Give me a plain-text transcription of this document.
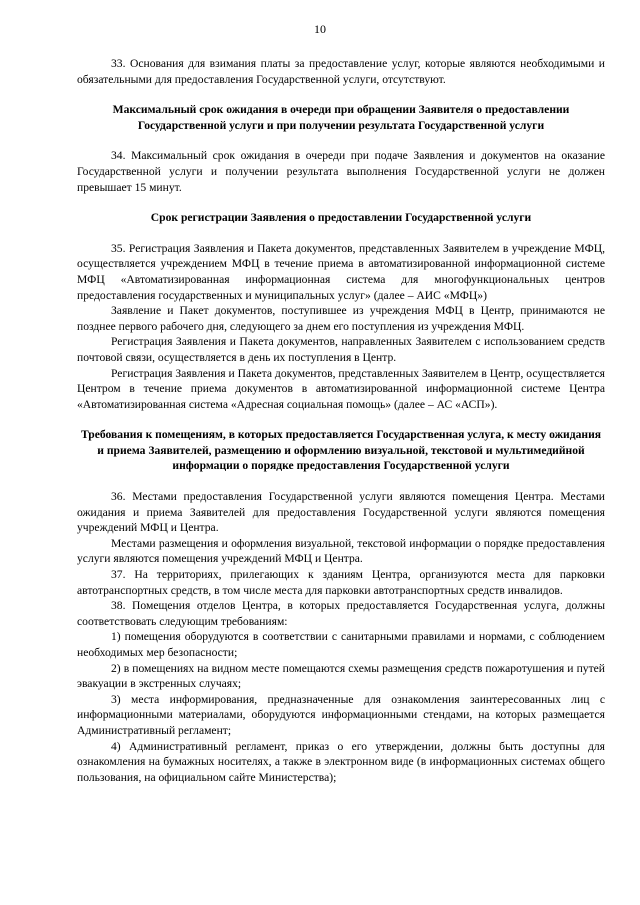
10

33. Основания для взимания платы за предоставление услуг, которые являются необходимыми и обязательными для предоставления Государственной услуги, отсутствуют.

Максимальный срок ожидания в очереди при обращении Заявителя о предоставлении Государственной услуги и при получении результата Государственной услуги

34. Максимальный срок ожидания в очереди при подаче Заявления и документов на оказание Государственной услуги и получении результата выполнения Государственной услуги не должен превышает 15 минут.

Срок регистрации Заявления о предоставлении Государственной услуги

35. Регистрация Заявления и Пакета документов, представленных Заявителем в учреждение МФЦ, осуществляется учреждением МФЦ в течение приема в автоматизированной информационной системе МФЦ «Автоматизированная информационная система для многофункциональных центров предоставления государственных и муниципальных услуг» (далее – АИС «МФЦ»)

Заявление и Пакет документов, поступившее из учреждения МФЦ в Центр, принимаются не позднее первого рабочего дня, следующего за днем его поступления из учреждения МФЦ.

Регистрация Заявления и Пакета документов, направленных Заявителем с использованием средств почтовой связи, осуществляется в день их поступления в Центр.

Регистрация Заявления и Пакета документов, представленных Заявителем в Центр, осуществляется Центром в течение приема документов в автоматизированной информационной системе Центра «Автоматизированная система «Адресная социальная помощь» (далее – АС «АСП»).

Требования к помещениям, в которых предоставляется Государственная услуга, к месту ожидания и приема Заявителей, размещению и оформлению визуальной, текстовой и мультимедийной информации о порядке предоставления Государственной услуги

36. Местами предоставления Государственной услуги являются помещения Центра. Местами ожидания и приема Заявителей для предоставления Государственной услуги являются помещения учреждений МФЦ и Центра.

Местами размещения и оформления визуальной, текстовой информации о порядке предоставления услуги являются помещения учреждений МФЦ и Центра.

37. На территориях, прилегающих к зданиям Центра, организуются места для парковки автотранспортных средств, в том числе места для парковки автотранспортных средств инвалидов.

38. Помещения отделов Центра, в которых предоставляется Государственная услуга, должны соответствовать следующим требованиям:

1) помещения оборудуются в соответствии с санитарными правилами и нормами, с соблюдением необходимых мер безопасности;

2) в помещениях на видном месте помещаются схемы размещения средств пожаротушения и путей эвакуации в экстренных случаях;

3) места информирования, предназначенные для ознакомления заинтересованных лиц с информационными материалами, оборудуются информационными стендами, на которых размещается Административный регламент;

4) Административный регламент, приказ о его утверждении, должны быть доступны для ознакомления на бумажных носителях, а также в электронном виде (в информационных системах общего пользования, на официальном сайте Министерства);
